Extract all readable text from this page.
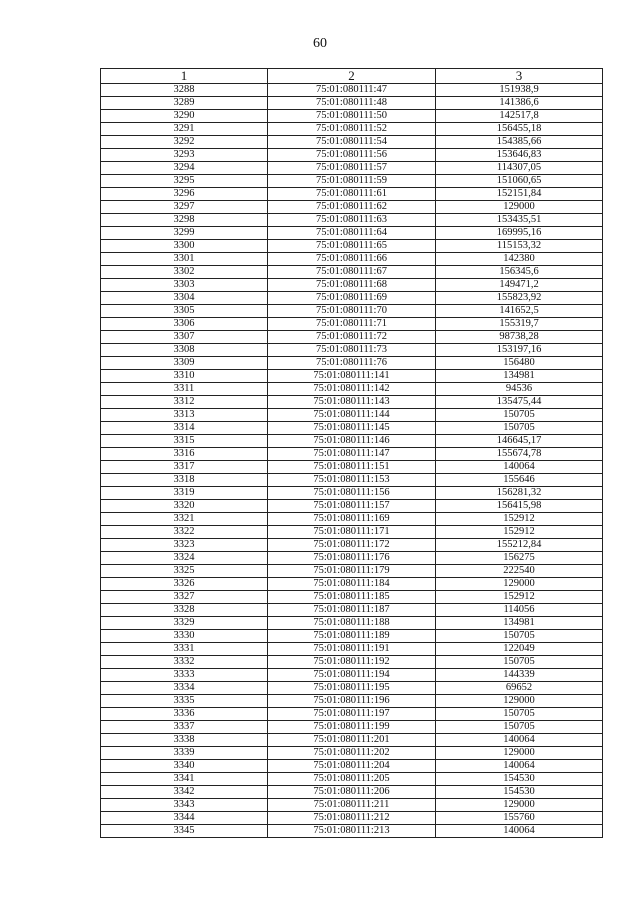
60
1	2	3
3288	75:01:080111:47	151938,9
3289	75:01:080111:48	141386,6
3290	75:01:080111:50	142517,8
3291	75:01:080111:52	156455,18
3292	75:01:080111:54	154385,66
3293	75:01:080111:56	153646,83
3294	75:01:080111:57	114307,05
3295	75:01:080111:59	151060,65
3296	75:01:080111:61	152151,84
3297	75:01:080111:62	129000
3298	75:01:080111:63	153435,51
3299	75:01:080111:64	169995,16
3300	75:01:080111:65	115153,32
3301	75:01:080111:66	142380
3302	75:01:080111:67	156345,6
3303	75:01:080111:68	149471,2
3304	75:01:080111:69	155823,92
3305	75:01:080111:70	141652,5
3306	75:01:080111:71	155319,7
3307	75:01:080111:72	98738,28
3308	75:01:080111:73	153197,16
3309	75:01:080111:76	156480
3310	75:01:080111:141	134981
3311	75:01:080111:142	94536
3312	75:01:080111:143	135475,44
3313	75:01:080111:144	150705
3314	75:01:080111:145	150705
3315	75:01:080111:146	146645,17
3316	75:01:080111:147	155674,78
3317	75:01:080111:151	140064
3318	75:01:080111:153	155646
3319	75:01:080111:156	156281,32
3320	75:01:080111:157	156415,98
3321	75:01:080111:169	152912
3322	75:01:080111:171	152912
3323	75:01:080111:172	155212,84
3324	75:01:080111:176	156275
3325	75:01:080111:179	222540
3326	75:01:080111:184	129000
3327	75:01:080111:185	152912
3328	75:01:080111:187	114056
3329	75:01:080111:188	134981
3330	75:01:080111:189	150705
3331	75:01:080111:191	122049
3332	75:01:080111:192	150705
3333	75:01:080111:194	144339
3334	75:01:080111:195	69652
3335	75:01:080111:196	129000
3336	75:01:080111:197	150705
3337	75:01:080111:199	150705
3338	75:01:080111:201	140064
3339	75:01:080111:202	129000
3340	75:01:080111:204	140064
3341	75:01:080111:205	154530
3342	75:01:080111:206	154530
3343	75:01:080111:211	129000
3344	75:01:080111:212	155760
3345	75:01:080111:213	140064
